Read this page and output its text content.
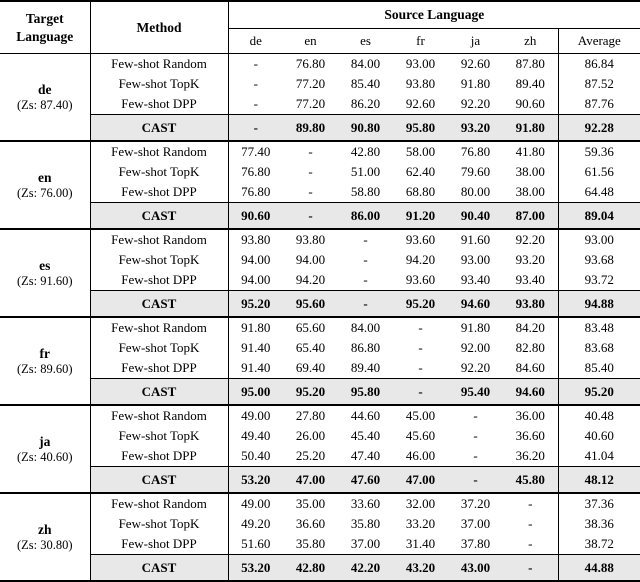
Target
Language	Method	Source Language						
		de	en	es	fr	ja	zh	Average

de
(Zs: 87.40)	Few-shot Random	-	76.80	84.00	93.00	92.60	87.80	86.84
	Few-shot TopK	-	77.20	85.40	93.80	91.80	89.40	87.52
	Few-shot DPP	-	77.20	86.20	92.60	92.20	90.60	87.76
	CAST	-	89.80	90.80	95.80	93.20	91.80	92.28

en
(Zs: 76.00)	Few-shot Random	77.40	-	42.80	58.00	76.80	41.80	59.36
	Few-shot TopK	76.80	-	51.00	62.40	79.60	38.00	61.56
	Few-shot DPP	76.80	-	58.80	68.80	80.00	38.00	64.48
	CAST	90.60	-	86.00	91.20	90.40	87.00	89.04

es
(Zs: 91.60)	Few-shot Random	93.80	93.80	-	93.60	91.60	92.20	93.00
	Few-shot TopK	94.00	94.00	-	94.20	93.00	93.20	93.68
	Few-shot DPP	94.00	94.20	-	93.60	93.40	93.40	93.72
	CAST	95.20	95.60	-	95.20	94.60	93.80	94.88

fr
(Zs: 89.60)	Few-shot Random	91.80	65.60	84.00	-	91.80	84.20	83.48
	Few-shot TopK	91.40	65.40	86.80	-	92.00	82.80	83.68
	Few-shot DPP	91.40	69.40	89.40	-	92.20	84.60	85.40
	CAST	95.00	95.20	95.80	-	95.40	94.60	95.20

ja
(Zs: 40.60)	Few-shot Random	49.00	27.80	44.60	45.00	-	36.00	40.48
	Few-shot TopK	49.40	26.00	45.40	45.60	-	36.60	40.60
	Few-shot DPP	50.40	25.20	47.40	46.00	-	36.20	41.04
	CAST	53.20	47.00	47.60	47.00	-	45.80	48.12

zh
(Zs: 30.80)	Few-shot Random	49.00	35.00	33.60	32.00	37.20	-	37.36
	Few-shot TopK	49.20	36.60	35.80	33.20	37.00	-	38.36
	Few-shot DPP	51.60	35.80	37.00	31.40	37.80	-	38.72
	CAST	53.20	42.80	42.20	43.20	43.00	-	44.88
